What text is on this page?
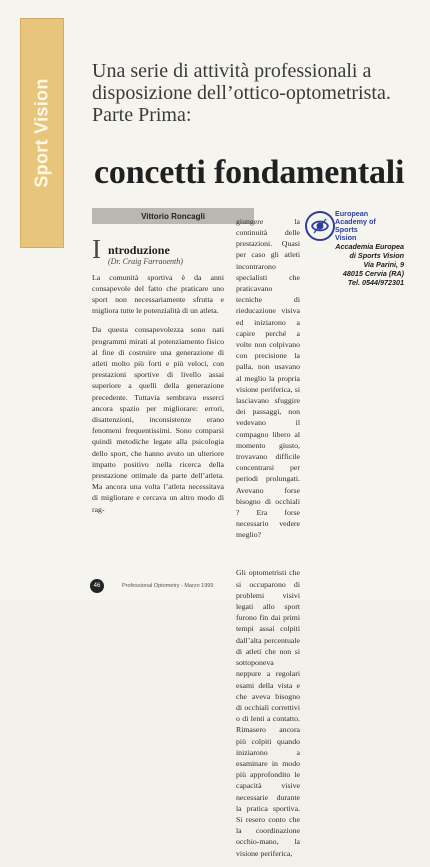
Sport Vision
Una serie di attività professionali a
disposizione dell’ottico-optometrista.
Parte Prima:
concetti fondamentali
Vittorio Roncagli
I ntroduzione
(Dr. Craig Farraoenth)

La comunità sportiva è da anni consapevole del fatto che praticare uno sport non necessariamente sfrutta e migliora tutte le potenzialità di un atleta.

Da questa consapevolezza sono nati programmi mirati al potenziamento fisico al fine di costruire una generazione di atleti molto più forti e più veloci, con prestazioni sportive di livello assai superiore a quelli della generazione precedente. Tuttavia sembrava esserci ancora spazio per migliorare: errori, disattenzioni, inconsistenze erano fenomeni frequentissimi. Sono comparsi quindi metodiche legate alla psicologia dello sport, che hanno avuto un ulteriore impatto positivo nella ricerca della prestazione ottimale da parte dell’atleta. Ma ancora una volta l’atleta necessitava di migliorare e cercava un altro modo di rag-

European
Academy of
Sports
Vision
Accademia Europea
di Sports Vision
Via Parini, 9
48015 Cervia (RA)
Tel. 0544/972301

giungere la continuità delle prestazioni. Quasi per caso gli atleti incontrarono specialisti che praticavano tecniche di rieducazione visiva ed iniziarono a capire perché a volte non colpivano con precisione la palla, non usavano al meglio la propria visione periferica, si lasciavano sfuggire dei passaggi, non vedevano il compagno libero al momento giusto, trovavano difficile concentrarsi per periodi prolungati. Avevano forse bisogno di occhiali ? Era forse necessario vedere meglio?

Gli optometristi che si occuparono di problemi visivi legati allo sport furono fin dai primi tempi assai colpiti dall’alta percentuale di atleti che non si sottoponeva neppure a regolari esami della vista e che aveva bisogno di occhiali correttivi o di lenti a contatto. Rimasero ancora più colpiti quando iniziarono a esaminare in modo più approfondito le capacità visive necessarie durante la pratica sportiva. Si resero conto che la coordinazione occhio-mano, la visione periferica,

46	Professional Optometry - Marzo 1999
